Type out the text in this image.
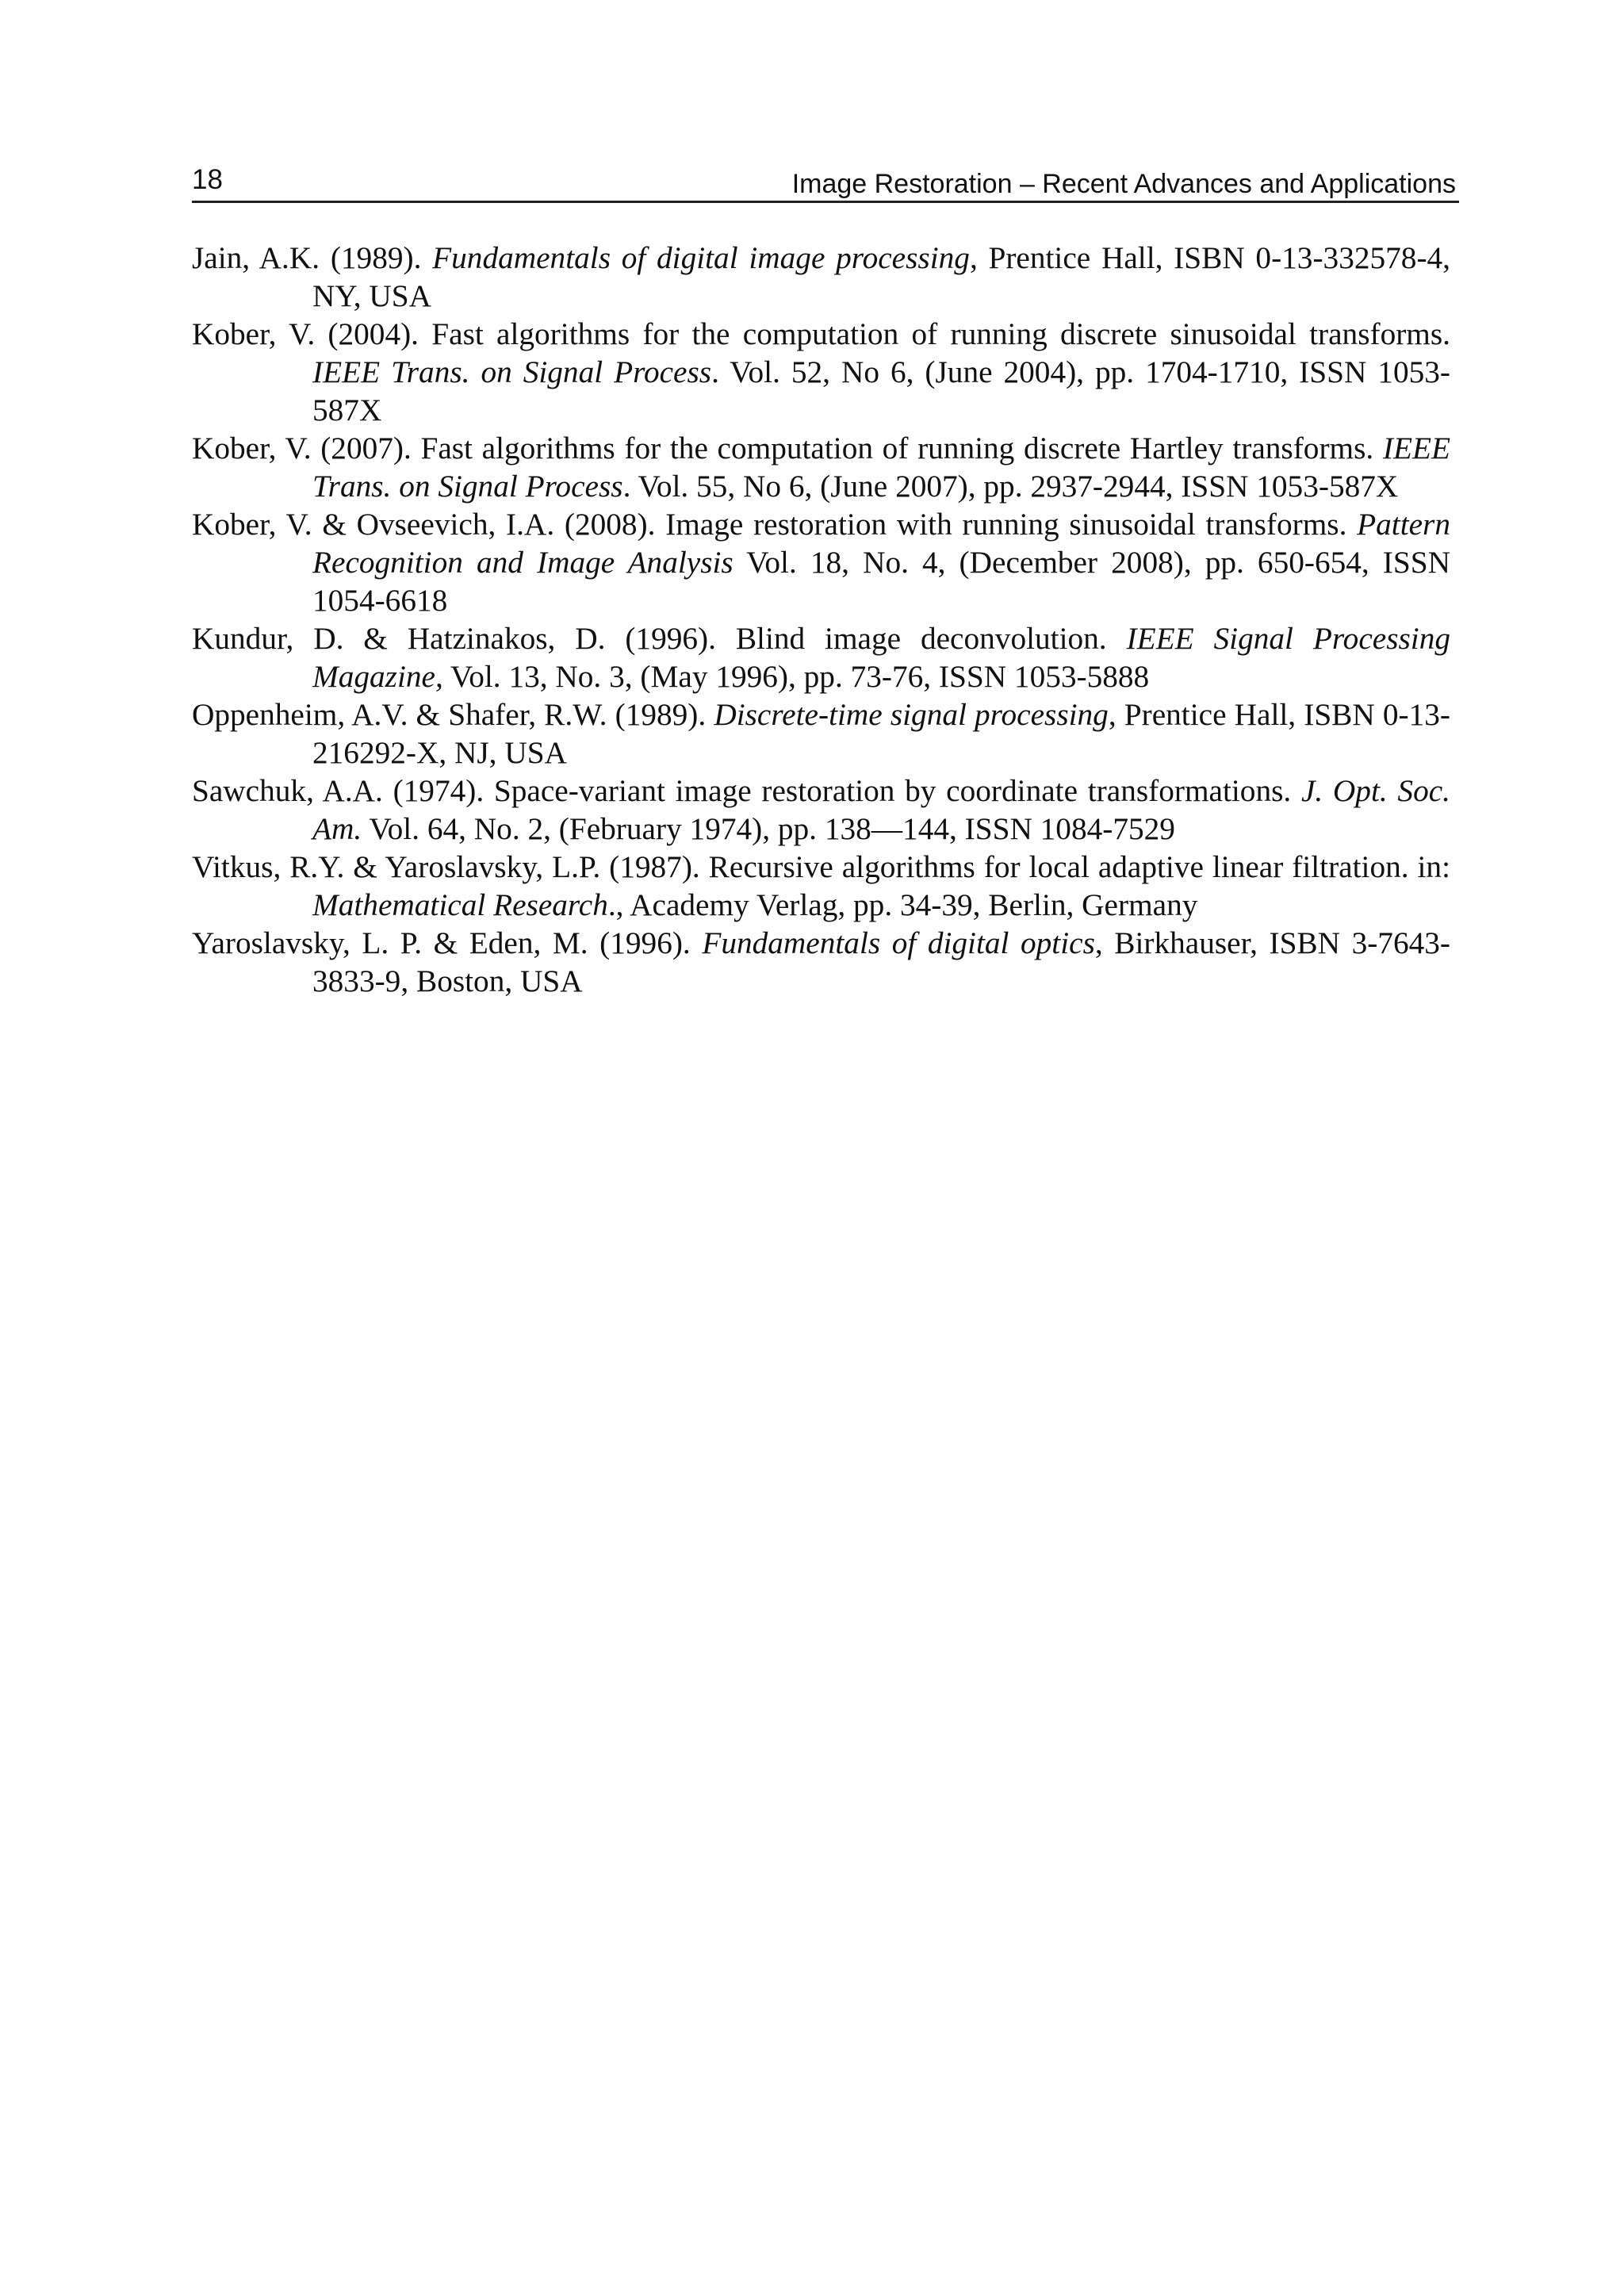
18	Image Restoration – Recent Advances and Applications

Jain, A.K. (1989). Fundamentals of digital image processing, Prentice Hall, ISBN 0-13-332578-4, NY, USA

Kober, V. (2004). Fast algorithms for the computation of running discrete sinusoidal transforms. IEEE Trans. on Signal Process. Vol. 52, No 6, (June 2004), pp. 1704-1710, ISSN 1053-587X

Kober, V. (2007). Fast algorithms for the computation of running discrete Hartley transforms. IEEE Trans. on Signal Process. Vol. 55, No 6, (June 2007), pp. 2937-2944, ISSN 1053-587X

Kober, V. & Ovseevich, I.A. (2008). Image restoration with running sinusoidal transforms. Pattern Recognition and Image Analysis Vol. 18, No. 4, (December 2008), pp. 650-654, ISSN 1054-6618

Kundur, D. & Hatzinakos, D. (1996). Blind image deconvolution. IEEE Signal Processing Magazine, Vol. 13, No. 3, (May 1996), pp. 73-76, ISSN 1053-5888

Oppenheim, A.V. & Shafer, R.W. (1989). Discrete-time signal processing, Prentice Hall, ISBN 0-13-216292-X, NJ, USA

Sawchuk, A.A. (1974). Space-variant image restoration by coordinate transformations. J. Opt. Soc. Am. Vol. 64, No. 2, (February 1974), pp. 138—144, ISSN 1084-7529

Vitkus, R.Y. & Yaroslavsky, L.P. (1987). Recursive algorithms for local adaptive linear filtration. in: Mathematical Research., Academy Verlag, pp. 34-39, Berlin, Germany

Yaroslavsky, L. P. & Eden, M. (1996). Fundamentals of digital optics, Birkhauser, ISBN 3-7643-3833-9, Boston, USA
